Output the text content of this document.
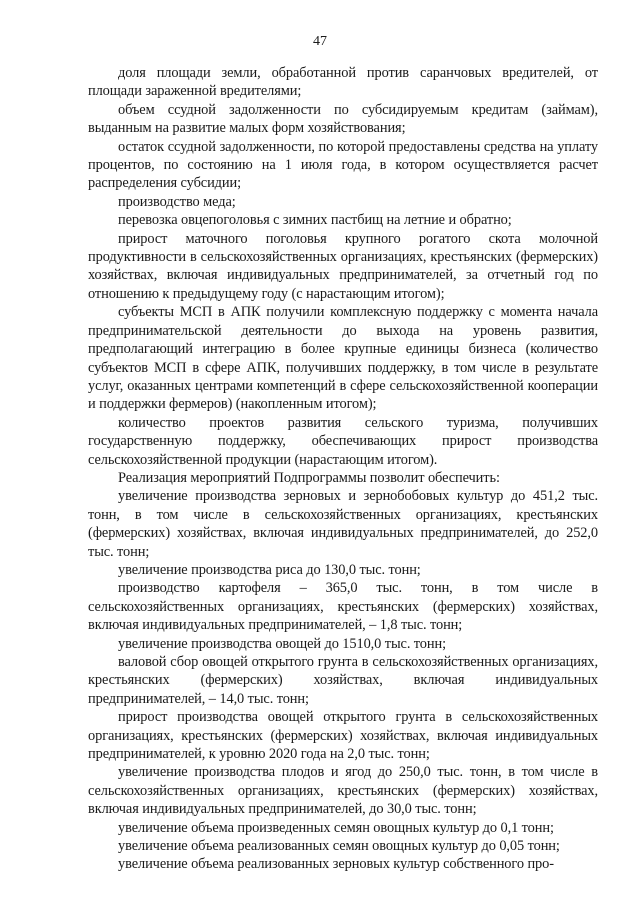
47

доля площади земли, обработанной против саранчовых вредителей, от площади зараженной вредителями;

объем ссудной задолженности по субсидируемым кредитам (займам), выданным на развитие малых форм хозяйствования;

остаток ссудной задолженности, по которой предоставлены средства на уплату процентов, по состоянию на 1 июля года, в котором осуществляется расчет распределения субсидии;

производство меда;

перевозка овцепоголовья с зимних пастбищ на летние и обратно;

прирост маточного поголовья крупного рогатого скота молочной продуктивности в сельскохозяйственных организациях, крестьянских (фермерских) хозяйствах, включая индивидуальных предпринимателей, за отчетный год по отношению к предыдущему году (с нарастающим итогом);

субъекты МСП в АПК получили комплексную поддержку с момента начала предпринимательской деятельности до выхода на уровень развития, предполагающий интеграцию в более крупные единицы бизнеса (количество субъектов МСП в сфере АПК, получивших поддержку, в том числе в результате услуг, оказанных центрами компетенций в сфере сельскохозяйственной кооперации и поддержки фермеров) (накопленным итогом);

количество проектов развития сельского туризма, получивших государственную поддержку, обеспечивающих прирост производства сельскохозяйственной продукции (нарастающим итогом).

Реализация мероприятий Подпрограммы позволит обеспечить:

увеличение производства зерновых и зернобобовых культур до 451,2 тыс. тонн, в том числе в сельскохозяйственных организациях, крестьянских (фермерских) хозяйствах, включая индивидуальных предпринимателей, до 252,0 тыс. тонн;

увеличение производства риса до 130,0 тыс. тонн;

производство картофеля – 365,0 тыс. тонн, в том числе в сельскохозяйственных организациях, крестьянских (фермерских) хозяйствах, включая индивидуальных предпринимателей, – 1,8 тыс. тонн;

увеличение производства овощей до 1510,0 тыс. тонн;

валовой сбор овощей открытого грунта в сельскохозяйственных организациях, крестьянских (фермерских) хозяйствах, включая индивидуальных предпринимателей, – 14,0 тыс. тонн;

прирост производства овощей открытого грунта в сельскохозяйственных организациях, крестьянских (фермерских) хозяйствах, включая индивидуальных предпринимателей, к уровню 2020 года на 2,0 тыс. тонн;

увеличение производства плодов и ягод до 250,0 тыс. тонн, в том числе в сельскохозяйственных организациях, крестьянских (фермерских) хозяйствах, включая индивидуальных предпринимателей, до 30,0 тыс. тонн;

увеличение объема произведенных семян овощных культур до 0,1 тонн;

увеличение объема реализованных семян овощных культур до 0,05 тонн;

увеличение объема реализованных зерновых культур собственного про-
